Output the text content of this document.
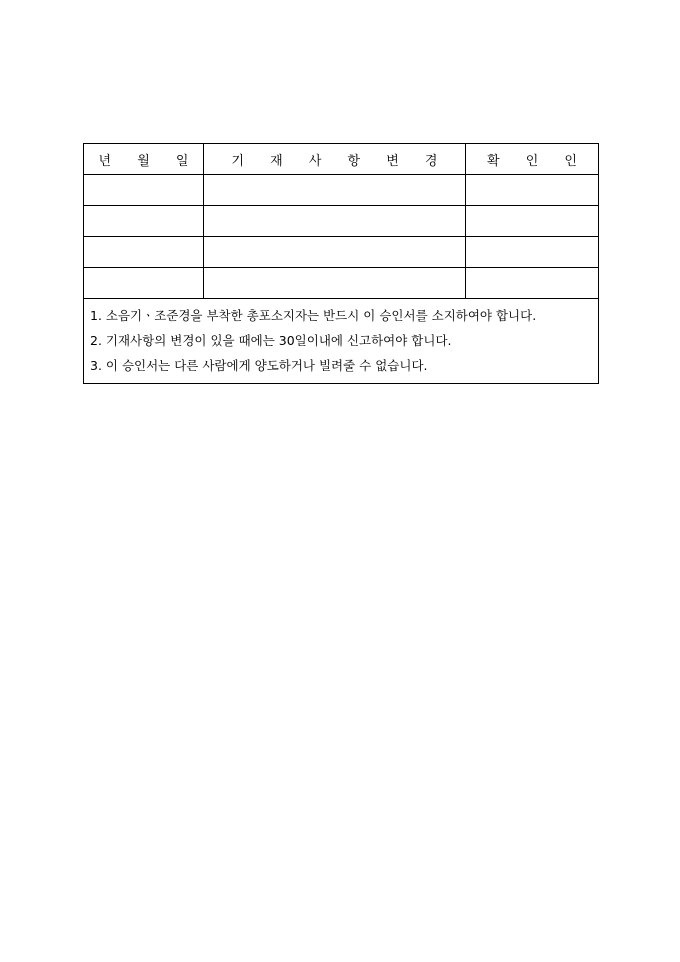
년 월 일	기 재 사 항 변 경	확 인 인

1. 소음기ㆍ조준경을 부착한 총포소지자는 반드시 이 승인서를 소지하여야 합니다.
2. 기재사항의 변경이 있을 때에는 30일이내에 신고하여야 합니다.
3. 이 승인서는 다른 사람에게 양도하거나 빌려줄 수 없습니다.		
